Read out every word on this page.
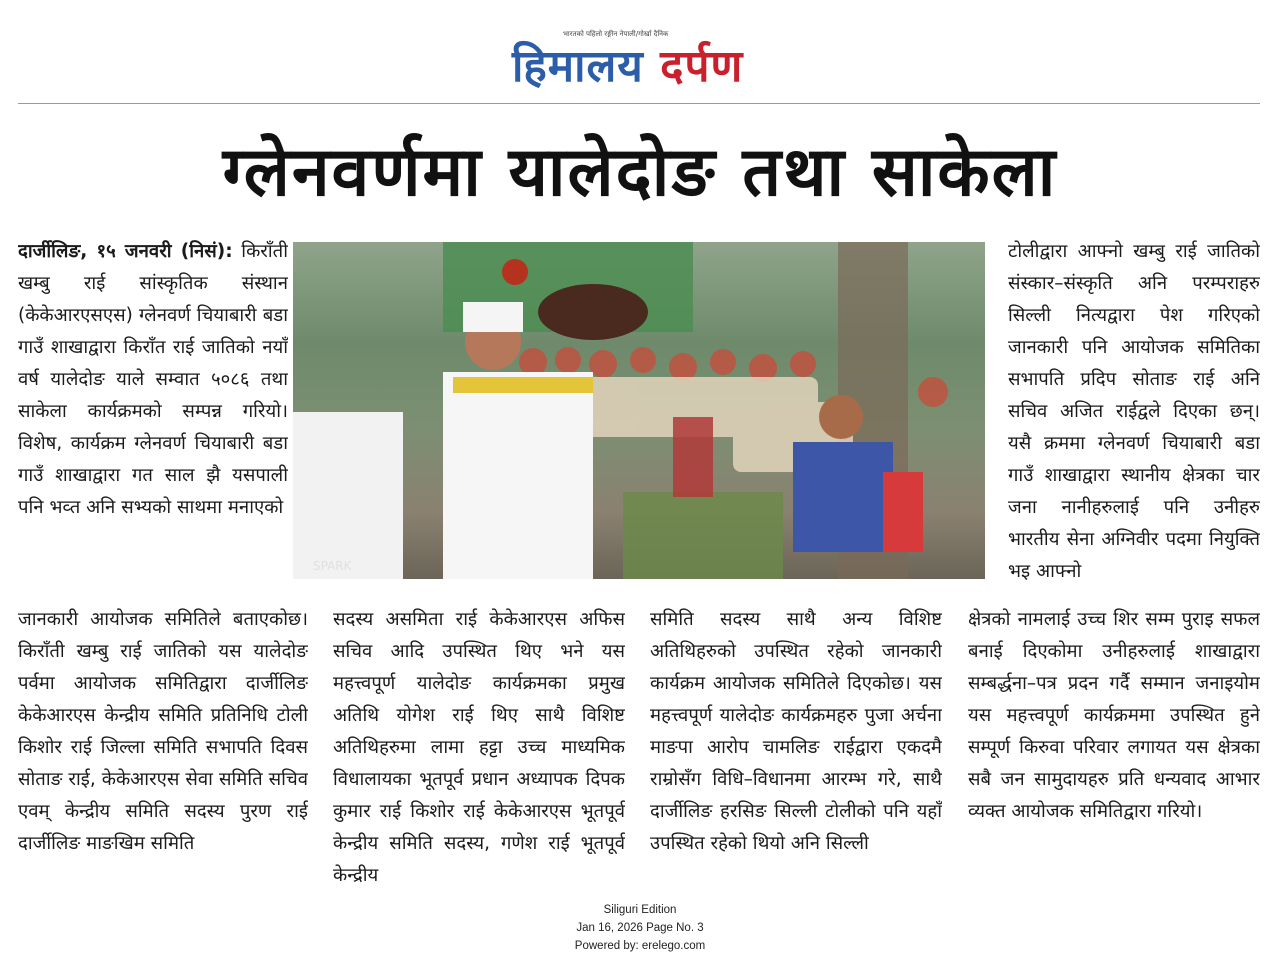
भारतको पहिलो रङ्गीन नेपाली/गोर्खा दैनिक
हिमालय दर्पण
ग्लेनवर्णमा यालेदोङ तथा साकेला
दार्जीलिङ, १५ जनवरी (निसं): किराँती खम्बु राई सांस्कृतिक संस्थान (केकेआरएसएस) ग्लेनवर्ण चियाबारी बडा गाउँ शाखाद्वारा किराँत राई जातिको नयाँ वर्ष यालेदोङ याले सम्वात ५०८६ तथा साकेला कार्यक्रमको सम्पन्न गरियो। विशेष, कार्यक्रम ग्लेनवर्ण चियाबारी बडा गाउँ शाखाद्वारा गत साल झै यसपाली पनि भव्त अनि सभ्यको साथमा मनाएको
SPARK
टोलीद्वारा आफ्नो खम्बु राई जातिको संस्कार–संस्कृति अनि परम्पराहरु सिल्ली नित्यद्वारा पेश गरिएको जानकारी पनि आयोजक समितिका सभापति प्रदिप सोताङ राई अनि सचिव अजित राईद्वले दिएका छन्। यसै क्रममा ग्लेनवर्ण चियाबारी बडा गाउँ शाखाद्वारा स्थानीय क्षेत्रका चार जना नानीहरुलाई पनि उनीहरु भारतीय सेना अग्निवीर पदमा नियुक्ति भइ आफ्नो
जानकारी आयोजक समितिले बताएकोछ। किराँती खम्बु राई जातिको यस यालेदोङ पर्वमा आयोजक समितिद्वारा दार्जीलिङ केकेआरएस केन्द्रीय समिति प्रतिनिधि टोली किशोर राई जिल्ला समिति सभापति दिवस सोताङ राई, केकेआरएस सेवा समिति सचिव एवम् केन्द्रीय समिति सदस्य पुरण राई दार्जीलिङ माङखिम समिति
सदस्य असमिता राई केकेआरएस अफिस सचिव आदि उपस्थित थिए भने यस महत्त्वपूर्ण यालेदोङ कार्यक्रमका प्रमुख अतिथि योगेश राई थिए साथै विशिष्ट अतिथिहरुमा लामा हट्टा उच्च माध्यमिक विधालायका भूतपूर्व प्रधान अध्यापक दिपक कुमार राई किशोर राई केकेआरएस भूतपूर्व केन्द्रीय समिति सदस्य, गणेश राई भूतपूर्व केन्द्रीय
समिति सदस्य साथै अन्य विशिष्ट अतिथिहरुको उपस्थित रहेको जानकारी कार्यक्रम आयोजक समितिले दिएकोछ। यस महत्त्वपूर्ण यालेदोङ कार्यक्रमहरु पुजा अर्चना माङपा आरोप चामलिङ राईद्वारा एकदमै राम्रोसँग विधि–विधानमा आरम्भ गरे, साथै दार्जीलिङ हरसिङ सिल्ली टोलीको पनि यहाँ उपस्थित रहेको थियो अनि सिल्ली
क्षेत्रको नामलाई उच्च शिर सम्म पुराइ सफल बनाई दिएकोमा उनीहरुलाई शाखाद्वारा सम्बर्द्धना–पत्र प्रदन गर्दै सम्मान जनाइयोम यस महत्त्वपूर्ण कार्यक्रममा उपस्थित हुने सम्पूर्ण किरुवा परिवार लगायत यस क्षेत्रका सबै जन सामुदायहरु प्रति धन्यवाद आभार व्यक्त आयोजक समितिद्वारा गरियो।
Siliguri Edition
Jan 16, 2026 Page No. 3
Powered by: erelego.com
